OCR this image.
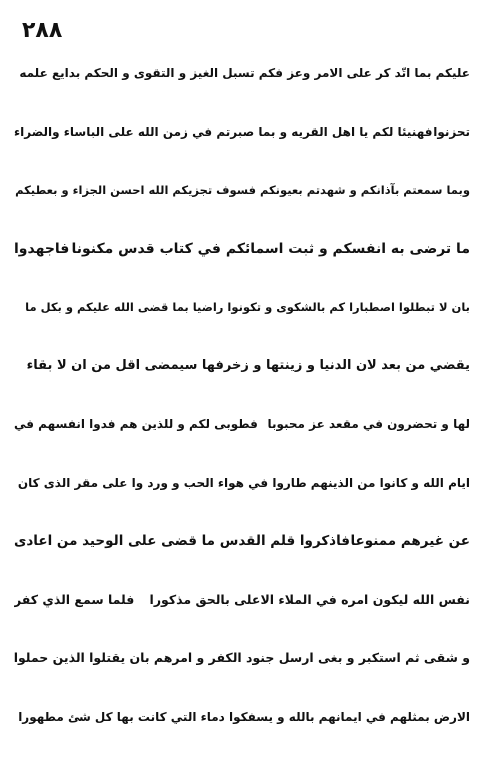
٢٨٨
عليكم بما اتّد كر على الامر وعز فكم تسبل الغيز و التقوى و الحكم بدايع علمه
تحزنوا
فهنيئا لكم يا اهل القريه و بما صبرتم في زمن الله على الباساء والضراء
وبما سمعتم بآذانكم و شهدتم بعيونكم فسوف تجزيكم الله احسن الجزاء و بعطيكم
ما ترضى به انفسكم و ثبت اسمائكم في كتاب قدس مكنونا
فاجهدوا
بان لا تبطلوا اصطبارا كم بالشكوى و تكونوا راضيا بما قضى الله عليكم و بكل ما
يقضي من بعد لان الدنيا و زينتها و زخرفها سيمضى اقل من ان لا بقاء
لها و تحضرون في مقعد عز محبوبا
فطوبى لكم و للذين هم فدوا انفسهم في
ايام الله و كانوا من الذينهم طاروا في هواء الحب و ورد وا على مقر الذى كان
عن غيرهم ممنوعا
فاذكروا قلم القدس ما قضى على الوحيد من اعادى
نفس الله ليكون امره في الملاء الاعلى بالحق مذكورا
فلما سمع الذي كفر
و شقى ثم استكبر و بغى ارسل جنود الكفر و امرهم بان يقتلوا الذين حملوا
الارض بمثلهم في ايمانهم بالله و يسفكوا دماء التي كانت بها كل شئ مطهورا
